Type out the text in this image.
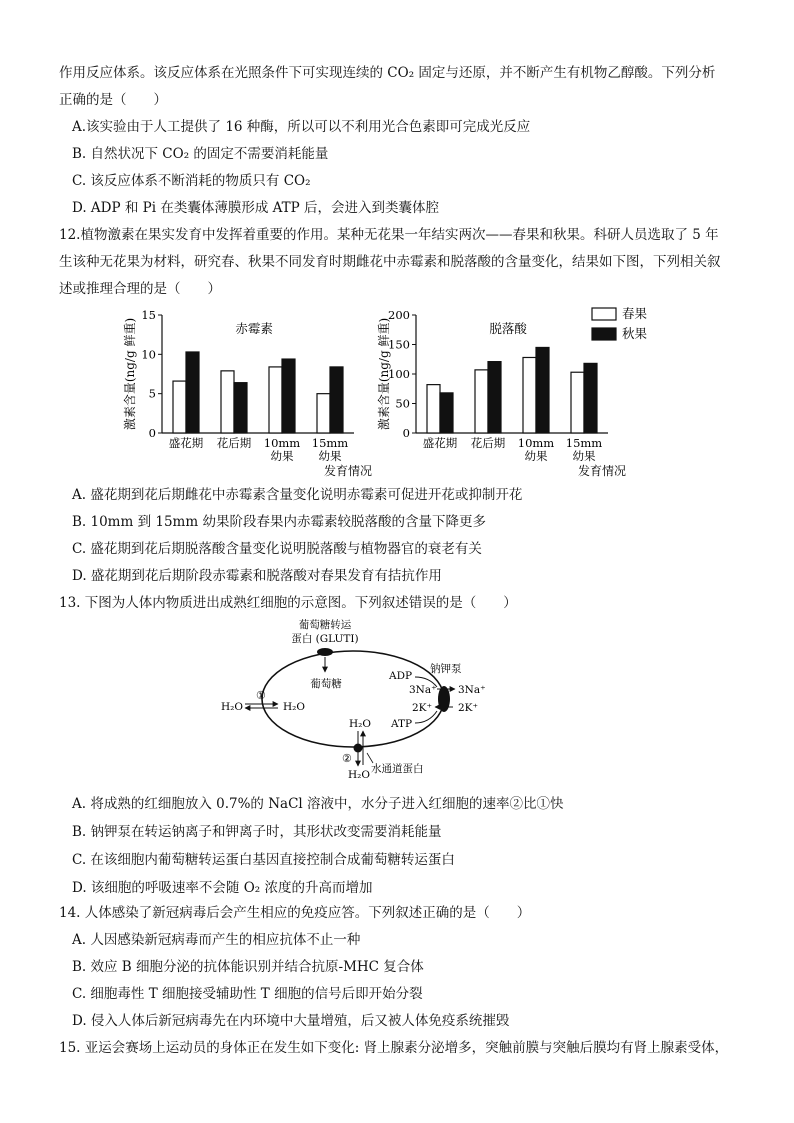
作用反应体系。该反应体系在光照条件下可实现连续的 CO₂ 固定与还原，并不断产生有机物乙醇酸。下列分析
正确的是（　　）
A.该实验由于人工提供了 16 种酶，所以可以不利用光合色素即可完成光反应
B. 自然状况下 CO₂ 的固定不需要消耗能量
C. 该反应体系不断消耗的物质只有 CO₂
D. ADP 和 Pi 在类囊体薄膜形成 ATP 后，会进入到类囊体腔
12.植物激素在果实发育中发挥着重要的作用。某种无花果一年结实两次——春果和秋果。科研人员选取了 5 年
生该种无花果为材料，研究春、秋果不同发育时期雌花中赤霉素和脱落酸的含量变化，结果如下图，下列相关叙
述或推理合理的是（　　）
0
5
10
15
赤霉素
激素含量(ng/g 鲜重)
盛花期 花后期 10mm
幼果
15mm
幼果
发育情况
0
50
100
150
200
脱落酸
激素含量(ng/g 鲜重)
盛花期 花后期 10mm
幼果
15mm
幼果
发育情况
春果
秋果
A. 盛花期到花后期雌花中赤霉素含量变化说明赤霉素可促进开花或抑制开花
B. 10mm 到 15mm 幼果阶段春果内赤霉素较脱落酸的含量下降更多
C. 盛花期到花后期脱落酸含量变化说明脱落酸与植物器官的衰老有关
D. 盛花期到花后期阶段赤霉素和脱落酸对春果发育有拮抗作用
13. 下图为人体内物质进出成熟红细胞的示意图。下列叙述错误的是（　　）
葡萄糖转运
蛋白 (GLUTI)
葡萄糖
①
H₂O	H₂O
钠钾泵
ADP
3Na⁺ 3Na⁺
2K⁺ 2K⁺
ATP
H₂O
②
H₂O 水通道蛋白
A. 将成熟的红细胞放入 0.7%的 NaCl 溶液中，水分子进入红细胞的速率②比①快
B. 钠钾泵在转运钠离子和钾离子时，其形状改变需要消耗能量
C. 在该细胞内葡萄糖转运蛋白基因直接控制合成葡萄糖转运蛋白
D. 该细胞的呼吸速率不会随 O₂ 浓度的升高而增加
14. 人体感染了新冠病毒后会产生相应的免疫应答。下列叙述正确的是（　　）
A. 人因感染新冠病毒而产生的相应抗体不止一种
B. 效应 B 细胞分泌的抗体能识别并结合抗原-MHC 复合体
C. 细胞毒性 T 细胞接受辅助性 T 细胞的信号后即开始分裂
D. 侵入人体后新冠病毒先在内环境中大量增殖，后又被人体免疫系统摧毁
15. 亚运会赛场上运动员的身体正在发生如下变化: 肾上腺素分泌增多，突触前膜与突触后膜均有肾上腺素受体，
